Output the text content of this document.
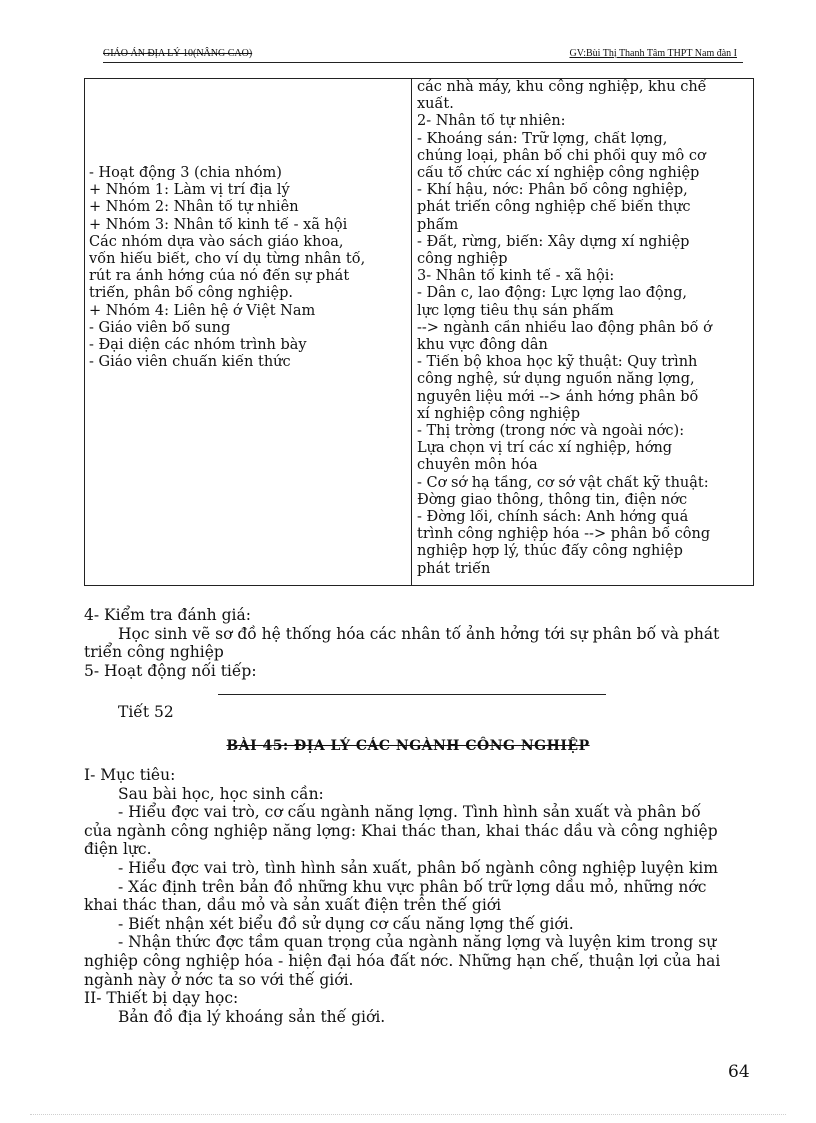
GIÁO ÁN ĐỊA LÝ 10(NÂNG CAO)	GV:Bùi Thị Thanh Tâm THPT Nam đàn I
- Hoạt động 3 (chia nhóm)
+ Nhóm 1: Làm vị trí địa lý
+ Nhóm 2: Nhân tố tự nhiên
+ Nhóm 3: Nhân tố kinh tế - xã hội
Các nhóm dựa vào sách giáo khoa,
vốn hiểu biết, cho ví dụ từng nhân tố,
rút ra ảnh hởng của nó đến sự phát
triển, phân bố công nghiệp.
+ Nhóm 4: Liên hệ ở Việt Nam
- Giáo viên bổ sung
- Đại diện các nhóm trình bày
- Giáo viên chuẩn kiến thức
các nhà máy, khu công nghiệp, khu chế
xuất.
2- Nhân tố tự nhiên:
- Khoáng sản: Trữ lợng, chất lợng,
chủng loại, phân bố chi phối quy mô cơ
cấu tổ chức các xí nghiệp công nghiệp
- Khí hậu, nớc: Phân bố công nghiệp,
phát triển công nghiệp chế biến thực
phẩm
- Đất, rừng, biển: Xây dựng xí nghiệp
công nghiệp
3- Nhân tố kinh tế - xã hội:
- Dân c, lao động: Lực lợng lao động,
lực lợng tiêu thụ sản phẩm
--> ngành cần nhiều lao động phân bố ở
khu vực đông dân
- Tiến bộ khoa học kỹ thuật: Quy trình
công nghệ, sử dụng nguồn năng lợng,
nguyên liệu mới --> ảnh hởng phân bố
xí nghiệp công nghiệp
- Thị trờng (trong nớc và ngoài nớc):
Lựa chọn vị trí các xí nghiệp, hớng
chuyên môn hóa
- Cơ sở hạ tầng, cơ sở vật chất kỹ thuật:
Đờng giao thông, thông tin, điện nớc
- Đờng lối, chính sách: Ảnh hởng quá
trình công nghiệp hóa --> phân bố công
nghiệp hợp lý, thúc đẩy công nghiệp
phát triển
4- Kiểm tra đánh giá:
Học sinh vẽ sơ đồ hệ thống hóa các nhân tố ảnh hởng tới sự phân bố và phát
triển công nghiệp
5- Hoạt động nối tiếp:
Tiết 52
BÀI 45: ĐỊA LÝ CÁC NGÀNH CÔNG NGHIỆP
I- Mục tiêu:
Sau bài học, học sinh cần:
- Hiểu đợc vai trò, cơ cấu ngành năng lợng. Tình hình sản xuất và phân bố
của ngành công nghiệp năng lợng: Khai thác than, khai thác dầu và công nghiệp
điện lực.
- Hiểu đợc vai trò, tình hình sản xuất, phân bố ngành công nghiệp luyện kim
- Xác định trên bản đồ những khu vực phân bố trữ lợng dầu mỏ, những nớc
khai thác than, dầu mỏ và sản xuất điện trên thế giới
- Biết nhận xét biểu đồ sử dụng cơ cấu năng lợng thế giới.
- Nhận thức đợc tầm quan trọng của ngành năng lợng và luyện kim trong sự
nghiệp công nghiệp hóa - hiện đại hóa đất nớc. Những hạn chế, thuận lợi của hai
ngành này ở nớc ta so với thế giới.
II- Thiết bị dạy học:
Bản đồ địa lý khoáng sản thế giới.
64
